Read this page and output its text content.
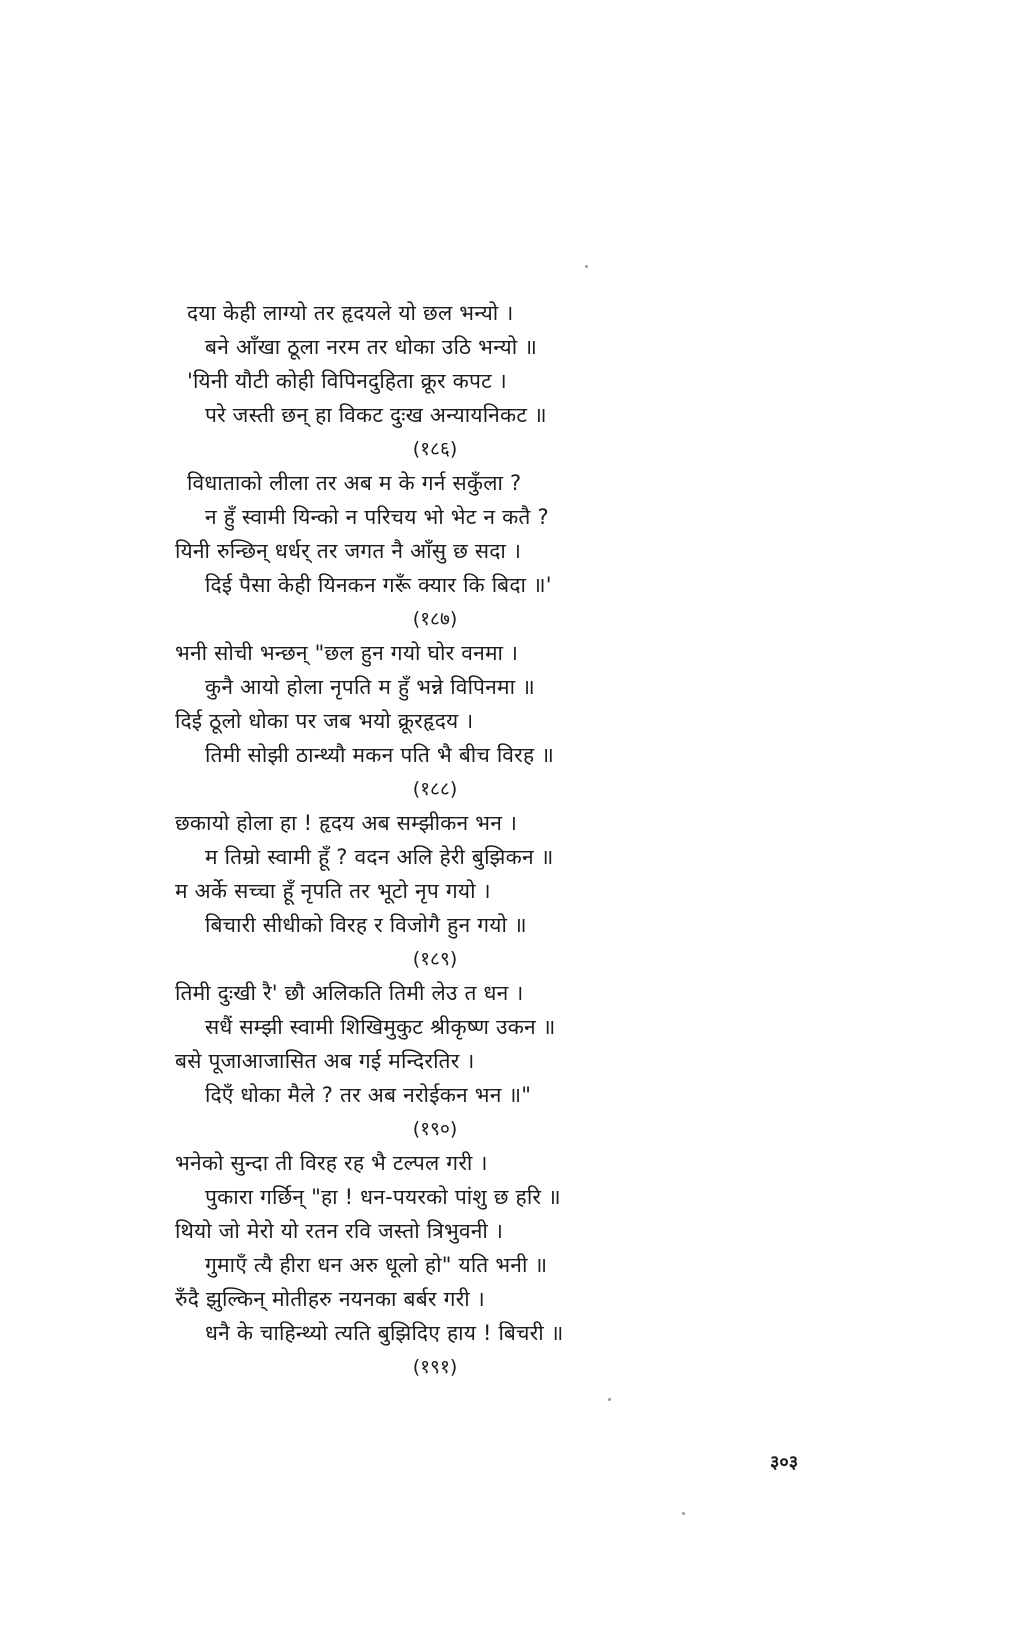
दया केही लाग्यो तर हृदयले यो छल भन्यो ।
बने आँखा ठूला नरम तर धोका उठि भन्यो ॥
'यिनी यौटी कोही विपिनदुहिता क्रूर कपट ।
परे जस्ती छन् हा विकट दुःख अन्यायनिकट ॥
(१८६)
विधाताको लीला तर अब म के गर्न सकुँला ?
न हुँ स्वामी यिन्को न परिचय भो भेट न कतै ?
यिनी रुन्छिन् धर्धर् तर जगत नै आँसु छ सदा ।
दिई पैसा केही यिनकन गरूँ क्यार कि बिदा ॥'
(१८७)
भनी सोची भन्छन् "छल हुन गयो घोर वनमा ।
कुनै आयो होला नृपति म हुँ भन्ने विपिनमा ॥
दिई ठूलो धोका पर जब भयो क्रूरहृदय ।
तिमी सोझी ठान्थ्यौ मकन पति भै बीच विरह ॥
(१८८)
छकायो होला हा ! हृदय अब सम्झीकन भन ।
म तिम्रो स्वामी हूँ ? वदन अलि हेरी बुझिकन ॥
म अर्के सच्चा हूँ नृपति तर भूटो नृप गयो ।
बिचारी सीधीको विरह र विजोगै हुन गयो ॥
(१८९)
तिमी दुःखी रै' छौ अलिकति तिमी लेउ त धन ।
सधैं सम्झी स्वामी शिखिमुकुट श्रीकृष्ण उकन ॥
बसे पूजाआजासित अब गई मन्दिरतिर ।
दिएँ धोका मैले ? तर अब नरोईकन भन ॥"
(१९०)
भनेको सुन्दा ती विरह रह भै टल्पल गरी ।
पुकारा गर्छिन् "हा ! धन-पयरको पांशु छ हरि ॥
थियो जो मेरो यो रतन रवि जस्तो त्रिभुवनी ।
गुमाएँ त्यै हीरा धन अरु धूलो हो" यति भनी ॥
रुँदै झुल्किन् मोतीहरु नयनका बर्बर गरी ।
धनै के चाहिन्थ्यो त्यति बुझिदिए हाय ! बिचरी ॥
(१९१)
३०३
